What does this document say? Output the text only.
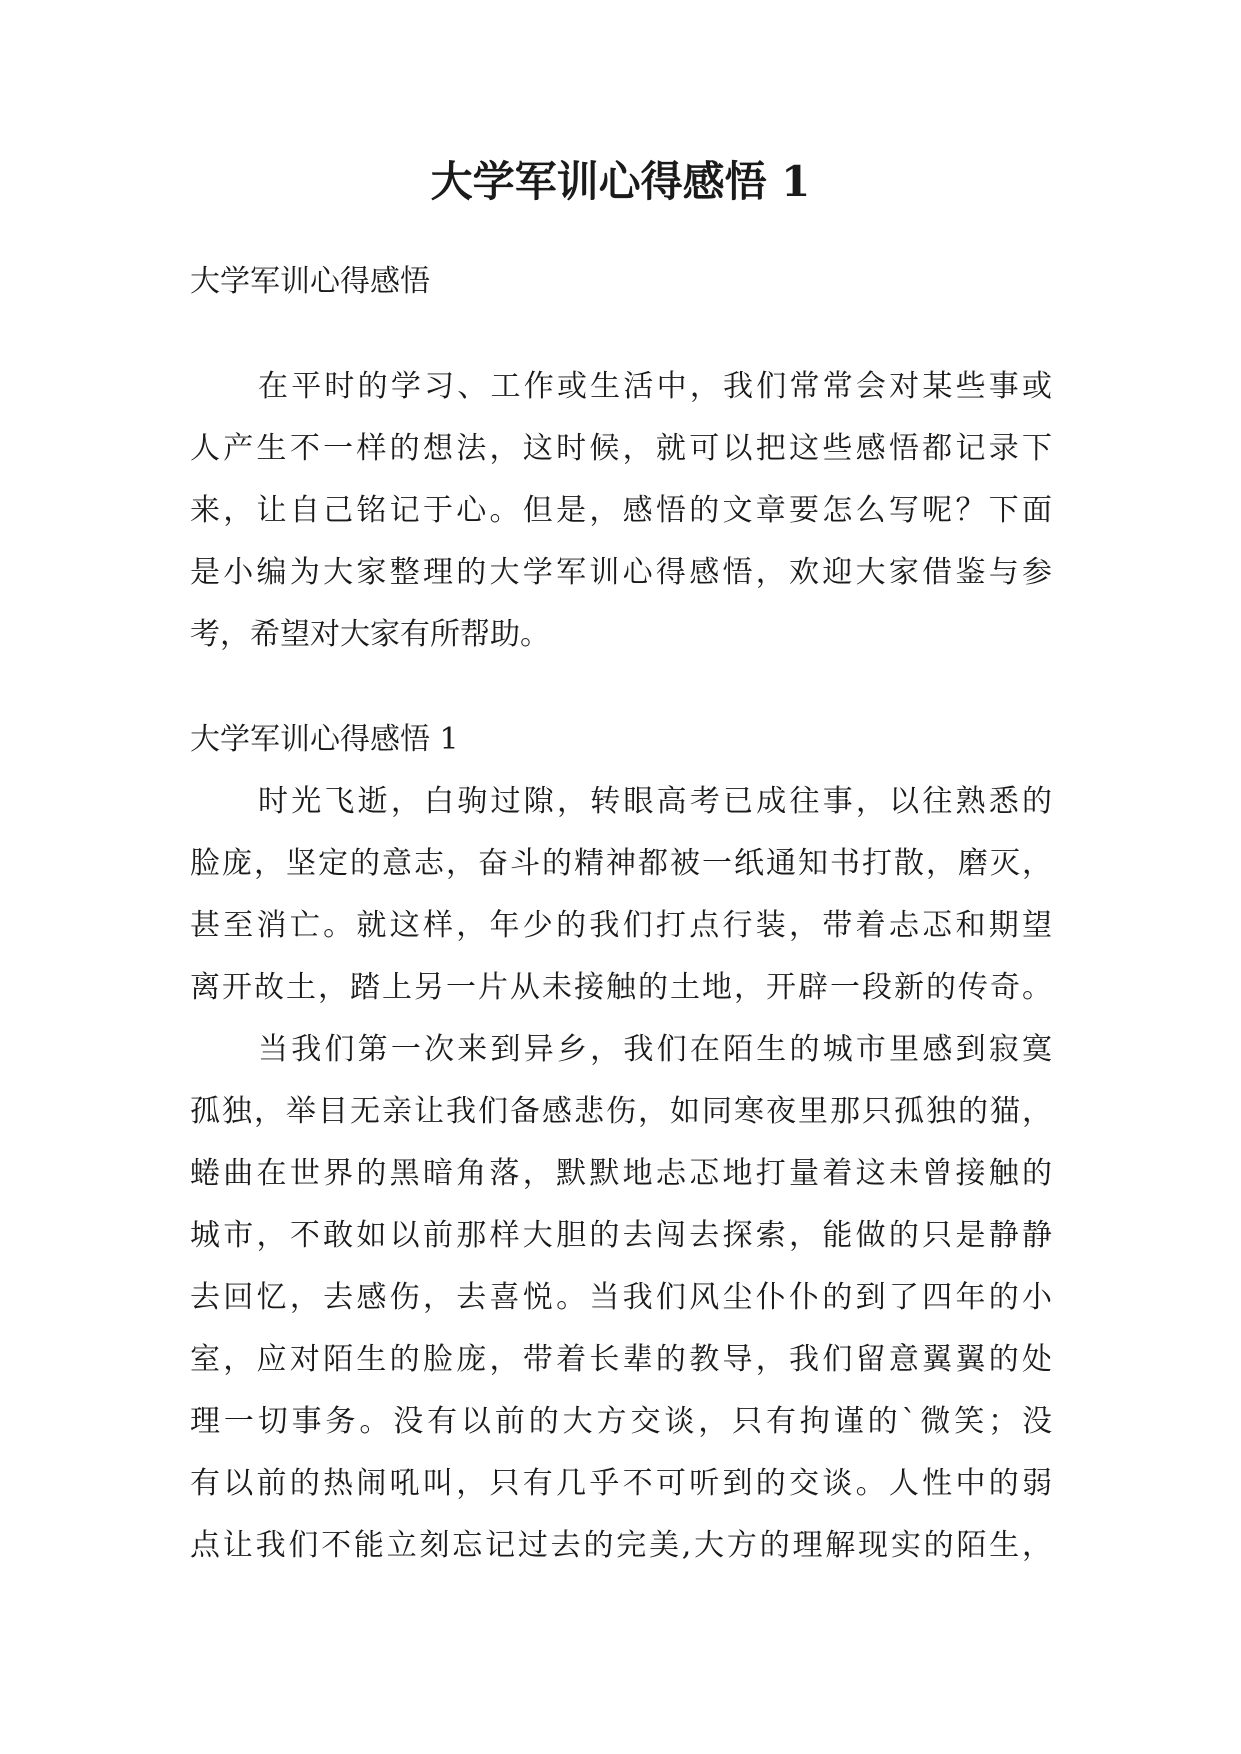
大学军训心得感悟 1

大学军训心得感悟

在平时的学习、工作或生活中，我们常常会对某些事或

人产生不一样的想法，这时候，就可以把这些感悟都记录下

来，让自己铭记于心。但是，感悟的文章要怎么写呢？下面

是小编为大家整理的大学军训心得感悟，欢迎大家借鉴与参

考，希望对大家有所帮助。

大学军训心得感悟 1

时光飞逝，白驹过隙，转眼高考已成往事，以往熟悉的

脸庞，坚定的意志，奋斗的精神都被一纸通知书打散，磨灭，

甚至消亡。就这样，年少的我们打点行装，带着忐忑和期望

离开故土，踏上另一片从未接触的土地，开辟一段新的传奇。

当我们第一次来到异乡，我们在陌生的城市里感到寂寞

孤独，举目无亲让我们备感悲伤，如同寒夜里那只孤独的猫，

蜷曲在世界的黑暗角落，默默地忐忑地打量着这未曾接触的

城市，不敢如以前那样大胆的去闯去探索，能做的只是静静

去回忆，去感伤，去喜悦。当我们风尘仆仆的到了四年的小

室，应对陌生的脸庞，带着长辈的教导，我们留意翼翼的处

理一切事务。没有以前的大方交谈，只有拘谨的`微笑；没

有以前的热闹吼叫，只有几乎不可听到的交谈。人性中的弱

点让我们不能立刻忘记过去的完美,大方的理解现实的陌生，
